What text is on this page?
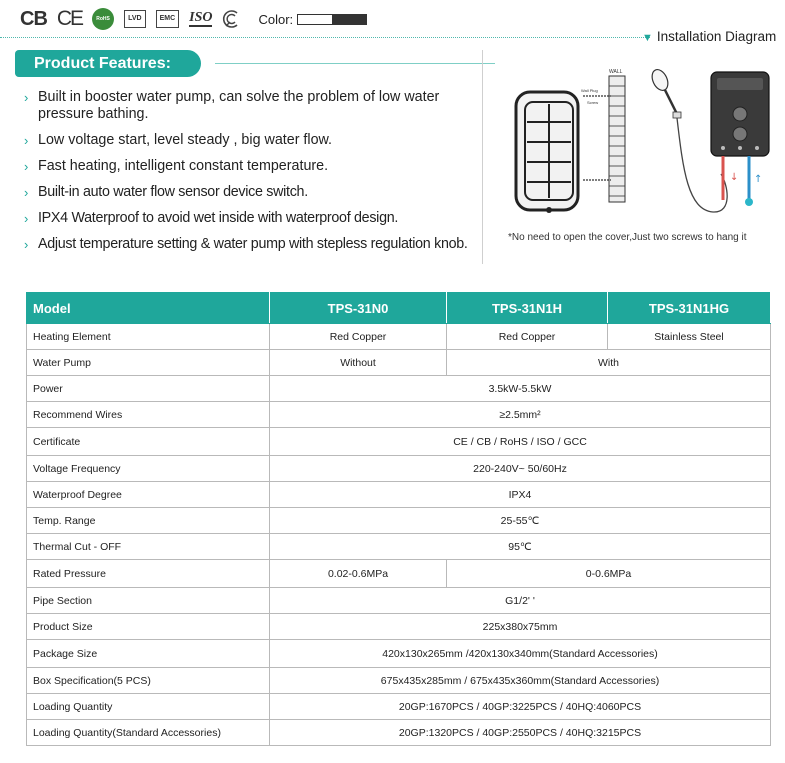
CB CE	RoHS	LVD	EMC ISO	Color:
Product Features:
› Built in booster water pump, can solve the problem of low water pressure bathing.
› Low voltage start, level steady , big water flow.
› Fast heating, intelligent constant temperature.
› Built-in auto water flow sensor device switch.
› IPX4 Waterproof to avoid wet inside with waterproof design.
› Adjust temperature setting & water pump with stepless regulation knob.
▼ Installation Diagram
WALL
Wall Plug
Screw
↓ ↑
*No need to open the cover,Just two screws to hang it
Model	TPS-31N0	TPS-31N1H	TPS-31N1HG
Heating Element	Red Copper	Red Copper	Stainless Steel
Water Pump	Without	With	
Power	3.5kW-5.5kW		
Recommend Wires	≥2.5mm²		
Certificate	CE / CB / RoHS / ISO / GCC		
Voltage Frequency	220-240V~ 50/60Hz		
Waterproof Degree	IPX4		
Temp. Range	25-55℃		
Thermal Cut - OFF	95℃		
Rated Pressure	0.02-0.6MPa	0-0.6MPa	
Pipe Section	G1/2' '		
Product Size	225x380x75mm		
Package Size	420x130x265mm /420x130x340mm(Standard Accessories)		
Box Specification(5 PCS)	675x435x285mm / 675x435x360mm(Standard Accessories)		
Loading Quantity	20GP:1670PCS / 40GP:3225PCS / 40HQ:4060PCS		
Loading Quantity(Standard Accessories)	20GP:1320PCS / 40GP:2550PCS / 40HQ:3215PCS		
